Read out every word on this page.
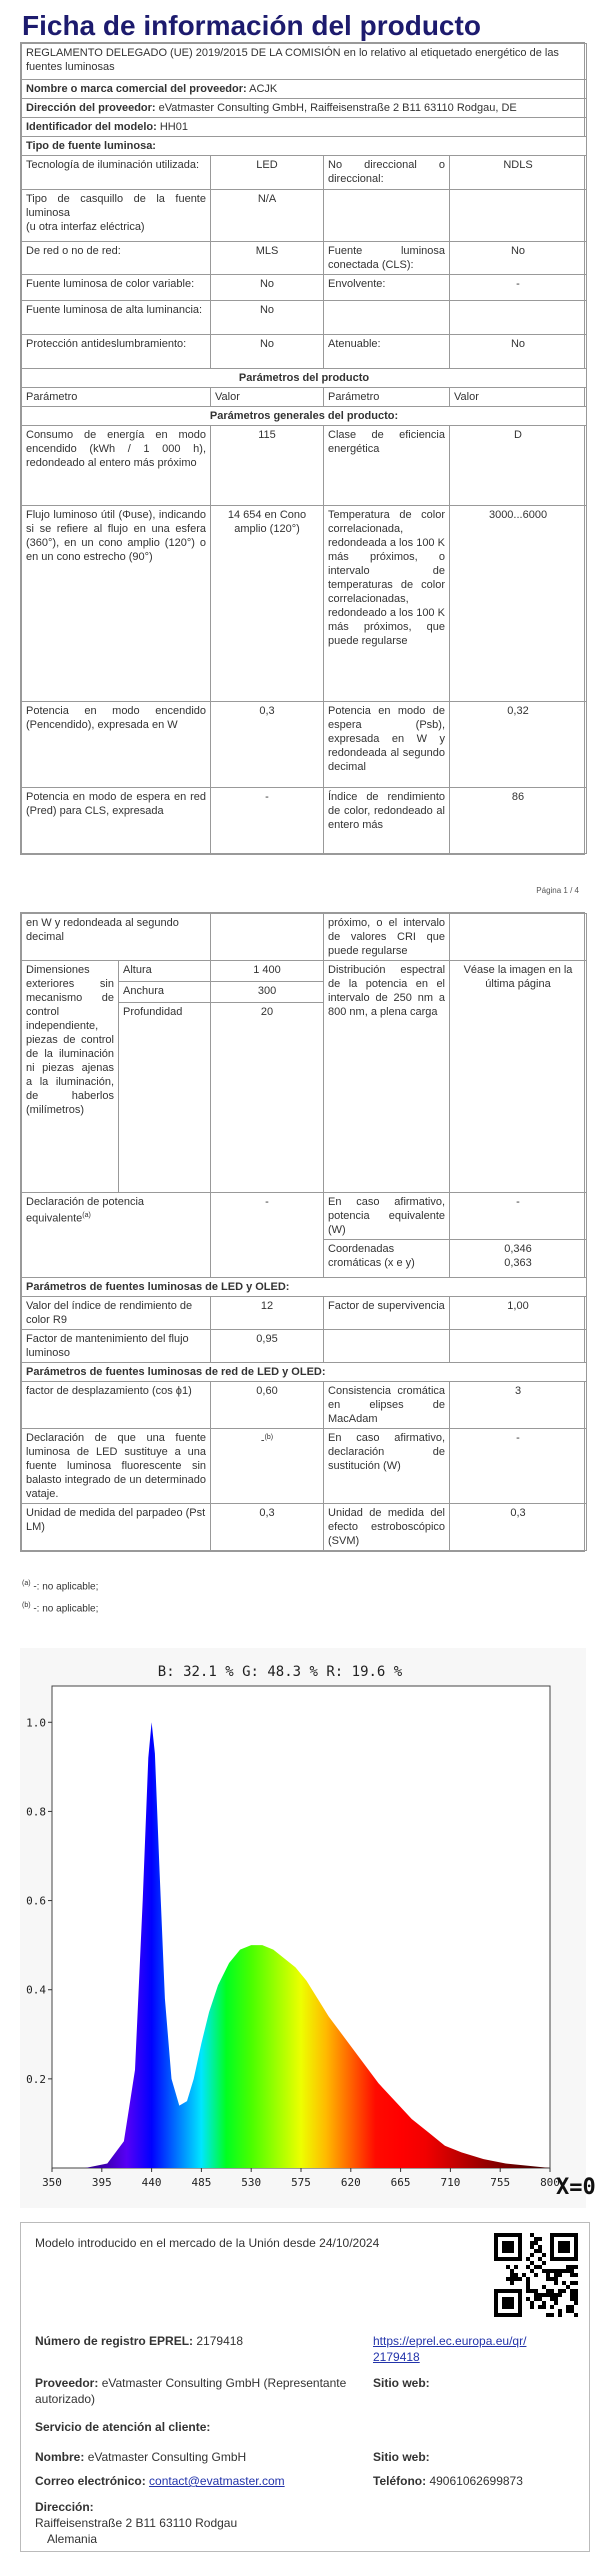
Ficha de información del producto
REGLAMENTO DELEGADO (UE) 2019/2015 DE LA COMISIÓN en lo relativo al etiquetado energético de las fuentes luminosas			
Nombre o marca comercial del proveedor: ACJK			
Dirección del proveedor: eVatmaster Consulting GmbH, Raiffeisenstraße 2 B11 63110 Rodgau, DE			
Identificador del modelo: HH01			
Tipo de fuente luminosa:			
Tecnología de iluminación utilizada:	LED	No direccional o direccional:	NDLS
Tipo de casquillo de la fuente luminosa
(u otra interfaz eléctrica)	N/A		
De red o no de red:	MLS	Fuente luminosa conectada (CLS):	No
Fuente luminosa de color variable:	No	Envolvente:	-
Fuente luminosa de alta luminancia:	No		
Protección antideslumbramiento:	No	Atenuable:	No
Parámetros del producto			
Parámetro	Valor	Parámetro	Valor
Parámetros generales del producto:			
Consumo de energía en modo encendido (kWh / 1 000 h), redondeado al entero más próximo	115	Clase de eficiencia energética	D
Flujo luminoso útil (Φuse), indicando si se refiere al flujo en una esfera (360°), en un cono amplio (120°) o en un cono estrecho (90°)	14 654 en Cono amplio (120°)	Temperatura de color correlacionada, redondeada a los 100 K más próximos, o intervalo de temperaturas de color correlacionadas, redondeado a los 100 K más próximos, que puede regularse	3000...6000
Potencia en modo encendido (Pencendido), expresada en W	0,3	Potencia en modo de espera (Psb), expresada en W y redondeada al segundo decimal	0,32
Potencia en modo de espera en red (Pred) para CLS, expresada	-	Índice de rendimiento de color, redondeado al entero más	86
Página 1 / 4
en W y redondeada al segundo decimal			próximo, o el intervalo de valores CRI que puede regularse	
Dimensiones exteriores sin mecanismo de control independiente, piezas de control de la iluminación ni piezas ajenas a la iluminación, de haberlos (milímetros)	Altura	1 400	Distribución espectral de la potencia en el intervalo de 250 nm a 800 nm, a plena carga	Véase la imagen en la última página
	Anchura	300		
	Profundidad	20		
Declaración de potencia equivalente$^{(a)}$		-	En caso afirmativo, potencia equivalente (W)	-
			Coordenadas cromáticas (x e y)	0,346
0,363
Parámetros de fuentes luminosas de LED y OLED:				
Valor del índice de rendimiento de color R9		12	Factor de supervivencia	1,00
Factor de mantenimiento del flujo luminoso		0,95		
Parámetros de fuentes luminosas de red de LED y OLED:				
factor de desplazamiento (cos ϕ1)		0,60	Consistencia cromática en elipses de MacAdam	3
Declaración de que una fuente luminosa de LED sustituye a una fuente luminosa fluorescente sin balasto integrado de un determinado vataje.		-$^{(b)}$	En caso afirmativo, declaración de sustitución (W)	-
Unidad de medida del parpadeo (Pst LM)		0,3	Unidad de medida del efecto estroboscópico (SVM)	0,3
$^{(a)}$ -: no aplicable;
$^{(b)}$ -: no aplicable;
0.2
0.4
0.6
0.8
1.0
350	395	440	485	530	575	620	665	710	755	800
B: 32.1 % G: 48.3 % R: 19.6 %
X=0
Modelo introducido en el mercado de la Unión desde 24/10/2024
Número de registro EPREL: 2179418	https://eprel.ec.europa.eu/qr/2179418
Proveedor: eVatmaster Consulting GmbH (Representante autorizado)
Sitio web:
Servicio de atención al cliente:
Nombre: eVatmaster Consulting GmbH	Sitio web:
Correo electrónico: contact@evatmaster.com	Teléfono: 49061062699873
Dirección:
Raiffeisenstraße 2 B11 63110 Rodgau
Alemania
